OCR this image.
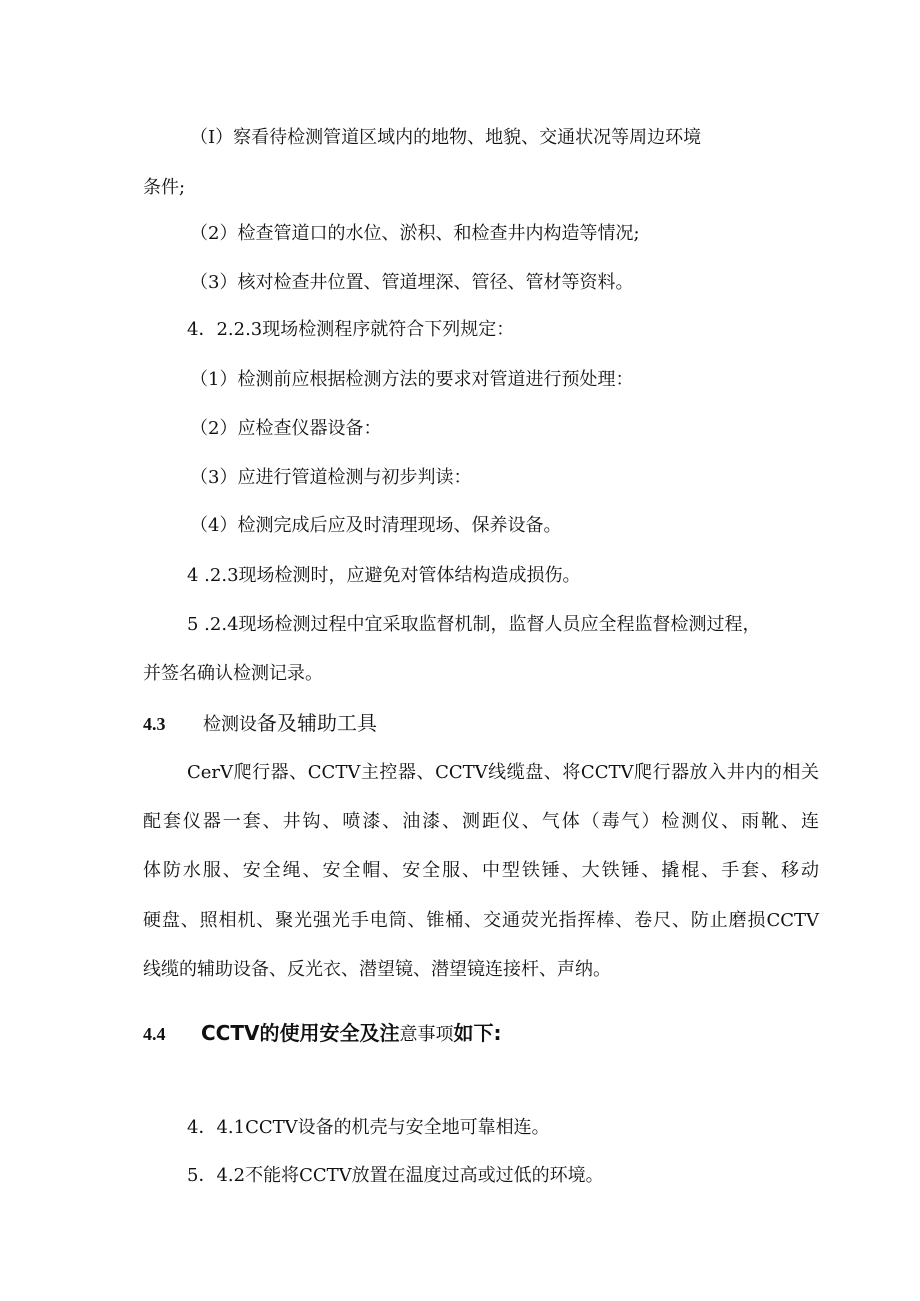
（I）察看待检测管道区域内的地物、地貌、交通状况等周边环境
条件;
（2）检查管道口的水位、淤积、和检查井内构造等情况;
（3）核对检查井位置、管道埋深、管径、管材等资料。
4．2.2.3现场检测程序就符合下列规定：
（1）检测前应根据检测方法的要求对管道进行预处理：
（2）应检查仪器设备：
（3）应进行管道检测与初步判读：
（4）检测完成后应及时清理现场、保养设备。
4 .2.3现场检测时，应避免对管体结构造成损伤。
5 .2.4现场检测过程中宜采取监督机制，监督人员应全程监督检测过程，
并签名确认检测记录。
4.3 检测设备及辅助工具
CerV爬行器、CCTV主控器、CCTV线缆盘、将CCTV爬行器放入井内的相关
配套仪器一套、井钩、喷漆、油漆、测距仪、气体（毒气）检测仪、雨靴、连
体防水服、安全绳、安全帽、安全服、中型铁锤、大铁锤、撬棍、手套、移动
硬盘、照相机、聚光强光手电筒、锥桶、交通荧光指挥棒、卷尺、防止磨损CCTV
线缆的辅助设备、反光衣、潜望镜、潜望镜连接杆、声纳。
4.4 CCTV的使用安全及注意事项如下:
4．4.1CCTV设备的机壳与安全地可靠相连。
5．4.2不能将CCTV放置在温度过高或过低的环境。
